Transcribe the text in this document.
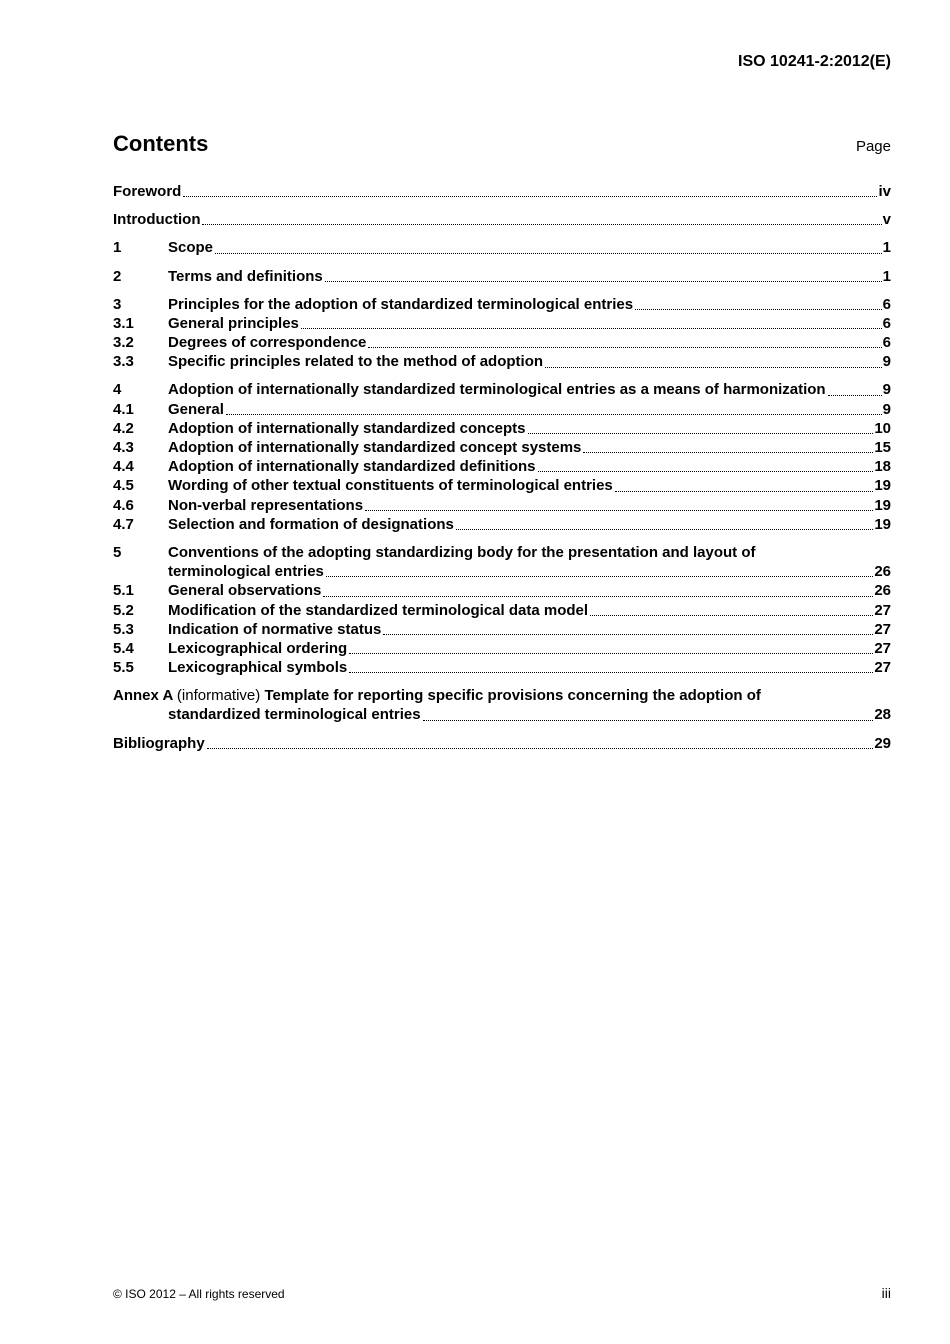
ISO 10241-2:2012(E)
Contents	Page
Foreword	iv
Introduction	v
1	Scope	1
2	Terms and definitions	1
3	Principles for the adoption of standardized terminological entries	6
3.1	General principles	6
3.2	Degrees of correspondence	6
3.3	Specific principles related to the method of adoption	9
4	Adoption of internationally standardized terminological entries as a means of harmonization	9
4.1	General	9
4.2	Adoption of internationally standardized concepts	10
4.3	Adoption of internationally standardized concept systems	15
4.4	Adoption of internationally standardized definitions	18
4.5	Wording of other textual constituents of terminological entries	19
4.6	Non-verbal representations	19
4.7	Selection and formation of designations	19
5	Conventions of the adopting standardizing body for the presentation and layout of
terminological entries	26
5.1	General observations	26
5.2	Modification of the standardized terminological data model	27
5.3	Indication of normative status	27
5.4	Lexicographical ordering	27
5.5	Lexicographical symbols	27
Annex A (informative) Template for reporting specific provisions concerning the adoption of
standardized terminological entries	28
Bibliography	29
© ISO 2012 – All rights reserved	iii
